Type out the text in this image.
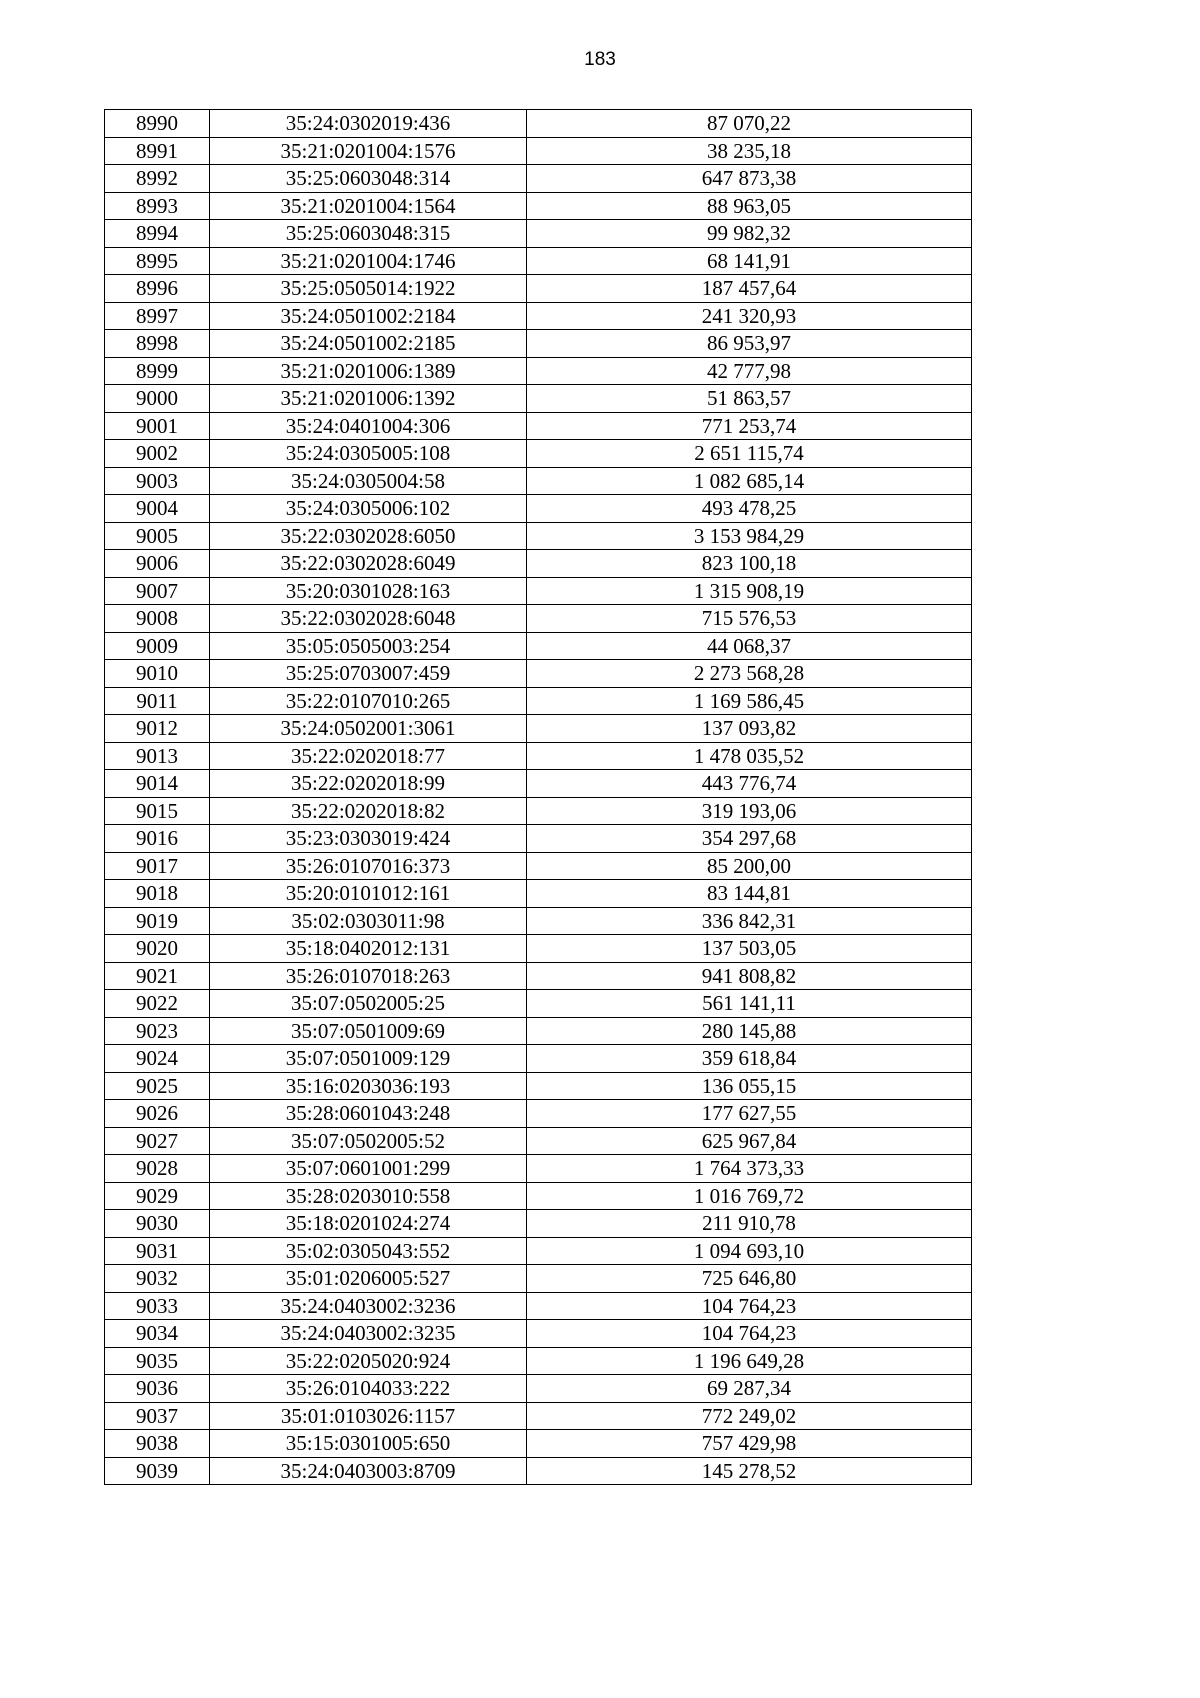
183
8990	35:24:0302019:436	87 070,22
8991	35:21:0201004:1576	38 235,18
8992	35:25:0603048:314	647 873,38
8993	35:21:0201004:1564	88 963,05
8994	35:25:0603048:315	99 982,32
8995	35:21:0201004:1746	68 141,91
8996	35:25:0505014:1922	187 457,64
8997	35:24:0501002:2184	241 320,93
8998	35:24:0501002:2185	86 953,97
8999	35:21:0201006:1389	42 777,98
9000	35:21:0201006:1392	51 863,57
9001	35:24:0401004:306	771 253,74
9002	35:24:0305005:108	2 651 115,74
9003	35:24:0305004:58	1 082 685,14
9004	35:24:0305006:102	493 478,25
9005	35:22:0302028:6050	3 153 984,29
9006	35:22:0302028:6049	823 100,18
9007	35:20:0301028:163	1 315 908,19
9008	35:22:0302028:6048	715 576,53
9009	35:05:0505003:254	44 068,37
9010	35:25:0703007:459	2 273 568,28
9011	35:22:0107010:265	1 169 586,45
9012	35:24:0502001:3061	137 093,82
9013	35:22:0202018:77	1 478 035,52
9014	35:22:0202018:99	443 776,74
9015	35:22:0202018:82	319 193,06
9016	35:23:0303019:424	354 297,68
9017	35:26:0107016:373	85 200,00
9018	35:20:0101012:161	83 144,81
9019	35:02:0303011:98	336 842,31
9020	35:18:0402012:131	137 503,05
9021	35:26:0107018:263	941 808,82
9022	35:07:0502005:25	561 141,11
9023	35:07:0501009:69	280 145,88
9024	35:07:0501009:129	359 618,84
9025	35:16:0203036:193	136 055,15
9026	35:28:0601043:248	177 627,55
9027	35:07:0502005:52	625 967,84
9028	35:07:0601001:299	1 764 373,33
9029	35:28:0203010:558	1 016 769,72
9030	35:18:0201024:274	211 910,78
9031	35:02:0305043:552	1 094 693,10
9032	35:01:0206005:527	725 646,80
9033	35:24:0403002:3236	104 764,23
9034	35:24:0403002:3235	104 764,23
9035	35:22:0205020:924	1 196 649,28
9036	35:26:0104033:222	69 287,34
9037	35:01:0103026:1157	772 249,02
9038	35:15:0301005:650	757 429,98
9039	35:24:0403003:8709	145 278,52
